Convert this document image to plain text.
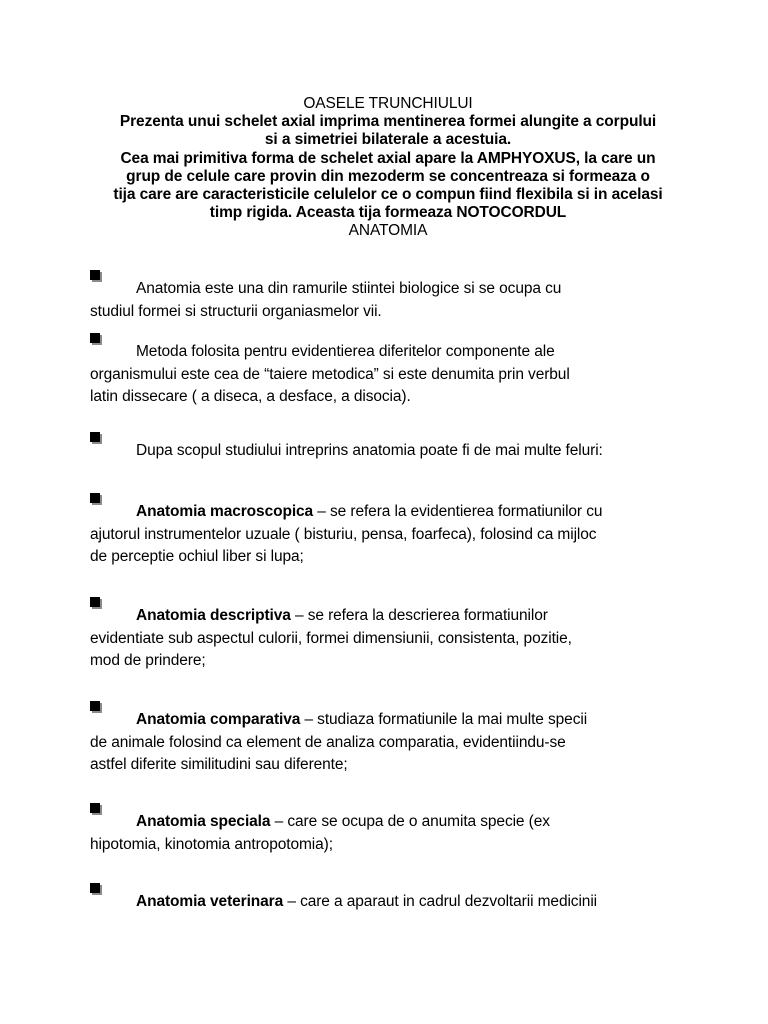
OASELE TRUNCHIULUI

Prezenta unui schelet axial imprima mentinerea formei alungite a corpului

si a simetriei bilaterale a acestuia.

Cea mai primitiva forma de schelet axial apare la AMPHYOXUS, la care un

grup de celule care provin din mezoderm se concentreaza si formeaza o

tija care are caracteristicile celulelor ce o compun fiind flexibila si in acelasi

timp rigida. Aceasta tija formeaza NOTOCORDUL

ANATOMIA

Anatomia este una din ramurile stiintei biologice si se ocupa cu
studiul formei si structurii organiasmelor vii.
Metoda folosita pentru evidentierea diferitelor componente ale
organismului este cea de “taiere metodica” si este denumita prin verbul
latin dissecare ( a diseca, a desface, a disocia).
Dupa scopul studiului intreprins anatomia poate fi de mai multe feluri:
Anatomia macroscopica – se refera la evidentierea formatiunilor cu
ajutorul instrumentelor uzuale ( bisturiu, pensa, foarfeca), folosind ca mijloc
de perceptie ochiul liber si lupa;
Anatomia descriptiva – se refera la descrierea formatiunilor
evidentiate sub aspectul culorii, formei dimensiunii, consistenta, pozitie,
mod de prindere;
Anatomia comparativa – studiaza formatiunile la mai multe specii
de animale folosind ca element de analiza comparatia, evidentiindu-se
astfel diferite similitudini sau diferente;
Anatomia speciala – care se ocupa de o anumita specie (ex
hipotomia, kinotomia antropotomia);
Anatomia veterinara – care a aparaut in cadrul dezvoltarii medicinii
